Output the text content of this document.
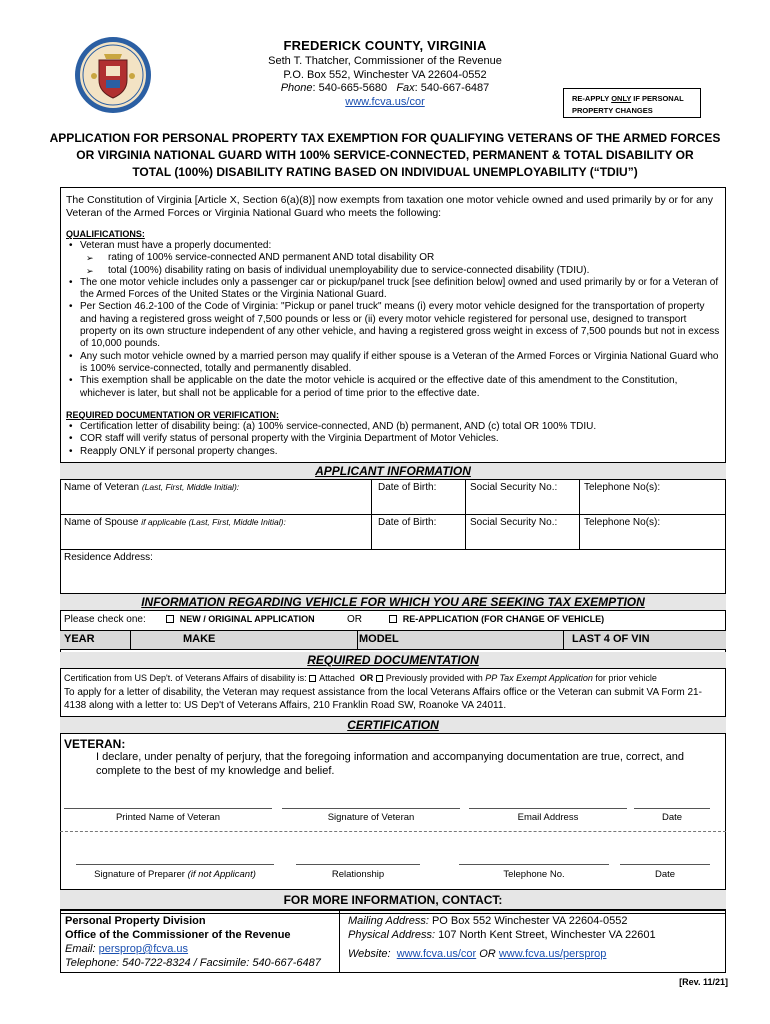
FREDERICK COUNTY, VIRGINIA
Seth T. Thatcher, Commissioner of the Revenue
P.O. Box 552, Winchester VA 22604-0552
Phone: 540-665-5680 Fax: 540-667-6487
www.fcva.us/cor	RE-APPLY ONLY IF PERSONAL
PROPERTY CHANGES
APPLICATION FOR PERSONAL PROPERTY TAX EXEMPTION FOR QUALIFYING VETERANS OF THE ARMED FORCES
OR VIRGINIA NATIONAL GUARD WITH 100% SERVICE-CONNECTED, PERMANENT & TOTAL DISABILITY OR
TOTAL (100%) DISABILITY RATING BASED ON INDIVIDUAL UNEMPLOYABILITY (“TDIU”)
The Constitution of Virginia [Article X, Section 6(a)(8)] now exempts from taxation one motor vehicle owned and used primarily by or for any Veteran of the Armed Forces or Virginia National Guard who meets the following:
QUALIFICATIONS:
• Veteran must have a properly documented:
➢ rating of 100% service-connected AND permanent AND total disability OR
➢ total (100%) disability rating on basis of individual unemployability due to service-connected disability (TDIU).
• The one motor vehicle includes only a passenger car or pickup/panel truck [see definition below] owned and used primarily by or for a Veteran of the Armed Forces of the United States or the Virginia National Guard.
• Per Section 46.2-100 of the Code of Virginia: "Pickup or panel truck" means (i) every motor vehicle designed for the transportation of property and having a registered gross weight of 7,500 pounds or less or (ii) every motor vehicle registered for personal use, designed to transport property on its own structure independent of any other vehicle, and having a registered gross weight in excess of 7,500 pounds but not in excess of 10,000 pounds.
• Any such motor vehicle owned by a married person may qualify if either spouse is a Veteran of the Armed Forces or Virginia National Guard who is 100% service-connected, totally and permanently disabled.
• This exemption shall be applicable on the date the motor vehicle is acquired or the effective date of this amendment to the Constitution, whichever is later, but shall not be applicable for a period of time prior to the effective date.
REQUIRED DOCUMENTATION OR VERIFICATION:
• Certification letter of disability being: (a) 100% service-connected, AND (b) permanent, AND (c) total OR 100% TDIU.
• COR staff will verify status of personal property with the Virginia Department of Motor Vehicles.
• Reapply ONLY if personal property changes.
APPLICANT INFORMATION
Name of Veteran (Last, First, Middle Initial):	Date of Birth:	Social Security No.:	Telephone No(s):
Name of Spouse if applicable (Last, First, Middle Initial):	Date of Birth:	Social Security No.:	Telephone No(s):
Residence Address:
INFORMATION REGARDING VEHICLE FOR WHICH YOU ARE SEEKING TAX EXEMPTION
Please check one:	NEW / ORIGINAL APPLICATION	OR	RE-APPLICATION (FOR CHANGE OF VEHICLE)
YEAR	MAKE	MODEL	LAST 4 OF VIN
REQUIRED DOCUMENTATION
Certification from US Dep't. of Veterans Affairs of disability is: Attached OR Previously provided with PP Tax Exempt Application for prior vehicle
To apply for a letter of disability, the Veteran may request assistance from the local Veterans Affairs office or the Veteran can submit VA Form 21-4138 along with a letter to: US Dep't of Veterans Affairs, 210 Franklin Road SW, Roanoke VA 24011.
CERTIFICATION
VETERAN:
I declare, under penalty of perjury, that the foregoing information and accompanying documentation are true, correct, and complete to the best of my knowledge and belief.
Printed Name of Veteran	Signature of Veteran	Email Address	Date
Signature of Preparer (if not Applicant)	Relationship	Telephone No.	Date
FOR MORE INFORMATION, CONTACT:
Personal Property Division
Office of the Commissioner of the Revenue
Email: persprop@fcva.us
Telephone: 540-722-8324 / Facsimile: 540-667-6487
Mailing Address: PO Box 552 Winchester VA 22604-0552
Physical Address: 107 North Kent Street, Winchester VA 22601
Website: www.fcva.us/cor OR www.fcva.us/persprop
[Rev. 11/21]
